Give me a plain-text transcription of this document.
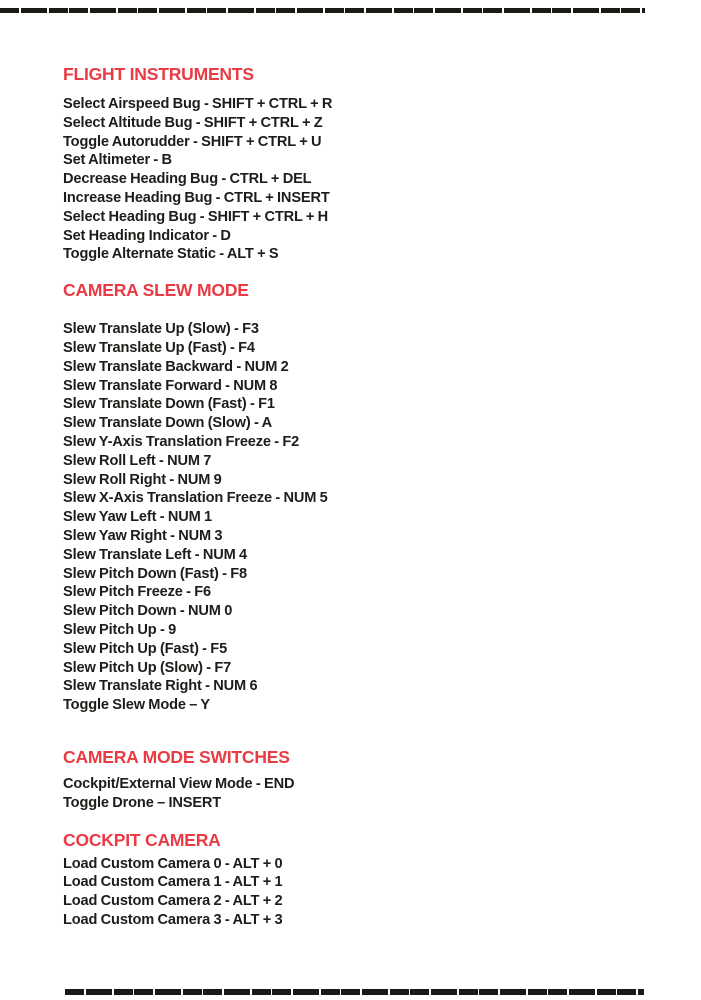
FLIGHT INSTRUMENTS
Select Airspeed Bug - SHIFT + CTRL + R
Select Altitude Bug - SHIFT + CTRL + Z
Toggle Autorudder - SHIFT + CTRL + U
Set Altimeter - B
Decrease Heading Bug - CTRL + DEL
Increase Heading Bug - CTRL + INSERT
Select Heading Bug - SHIFT + CTRL + H
Set Heading Indicator - D
Toggle Alternate Static - ALT + S
CAMERA SLEW MODE
Slew Translate Up (Slow) - F3
Slew Translate Up (Fast) - F4
Slew Translate Backward - NUM 2
Slew Translate Forward - NUM 8
Slew Translate Down (Fast) - F1
Slew Translate Down (Slow) - A
Slew Y-Axis Translation Freeze - F2
Slew Roll Left - NUM 7
Slew Roll Right - NUM 9
Slew X-Axis Translation Freeze - NUM 5
Slew Yaw Left - NUM 1
Slew Yaw Right - NUM 3
Slew Translate Left - NUM 4
Slew Pitch Down (Fast) - F8
Slew Pitch Freeze - F6
Slew Pitch Down - NUM 0
Slew Pitch Up - 9
Slew Pitch Up (Fast) - F5
Slew Pitch Up (Slow) - F7
Slew Translate Right - NUM 6
Toggle Slew Mode – Y
CAMERA MODE SWITCHES
Cockpit/External View Mode - END
Toggle Drone – INSERT
COCKPIT CAMERA
Load Custom Camera 0 - ALT + 0
Load Custom Camera 1 - ALT + 1
Load Custom Camera 2 - ALT + 2
Load Custom Camera 3 - ALT + 3
